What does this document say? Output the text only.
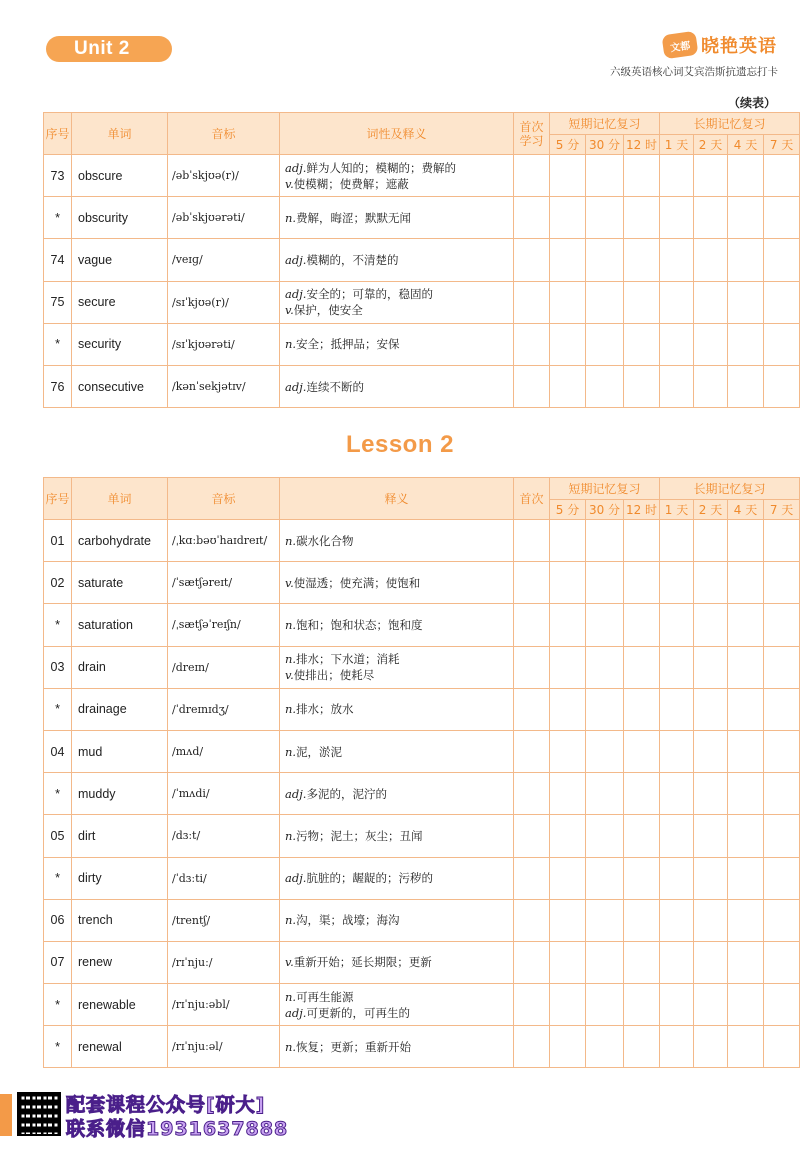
Unit 2	文都 晓艳英语
六级英语核心词艾宾浩斯抗遗忘打卡
（续表）
序号	单词	音标	词性及释义	首次学习	短期记忆复习			长期记忆复习			
					5 分	30 分	12 时	1 天	2 天	4 天	7 天
73	obscure	/əbˈskjʊə(r)/	adj.鲜为人知的；模糊的；费解的
v.使模糊；使费解；遮蔽								

*	obscurity	/əbˈskjʊərəti/	n.费解，晦涩；默默无闻								

74	vague	/veɪɡ/	adj.模糊的，不清楚的								

75	secure	/sɪˈkjʊə(r)/	adj.安全的；可靠的，稳固的
v.保护，使安全								

*	security	/sɪˈkjʊərəti/	n.安全；抵押品；安保								

76	consecutive	/kənˈsekjətɪv/	adj.连续不断的								

Lesson 2
序号	单词	音标	释义	首次	短期记忆复习			长期记忆复习			
					5 分	30 分	12 时	1 天	2 天	4 天	7 天
01	carbohydrate	/ˌkɑːbəʊˈhaɪdreɪt/	n.碳水化合物								

02	saturate	/ˈsætʃəreɪt/	v.使湿透；使充满；使饱和								

*	saturation	/ˌsætʃəˈreɪʃn/	n.饱和；饱和状态；饱和度								

03	drain	/dreɪn/	n.排水；下水道；消耗
v.使排出；使耗尽								

*	drainage	/ˈdreɪnɪdʒ/	n.排水；放水								

04	mud	/mʌd/	n.泥，淤泥								

*	muddy	/ˈmʌdi/	adj.多泥的，泥泞的								

05	dirt	/dɜːt/	n.污物；泥土；灰尘；丑闻								

*	dirty	/ˈdɜːti/	adj.肮脏的；龌龊的；污秽的								

06	trench	/trentʃ/	n.沟，渠；战壕；海沟								

07	renew	/rɪˈnjuː/	v.重新开始；延长期限；更新								

*	renewable	/rɪˈnjuːəbl/	n.可再生能源
adj.可更新的，可再生的								

*	renewal	/rɪˈnjuːəl/	n.恢复；更新；重新开始								

配套课程公众号[研大]
联系微信1931637888
